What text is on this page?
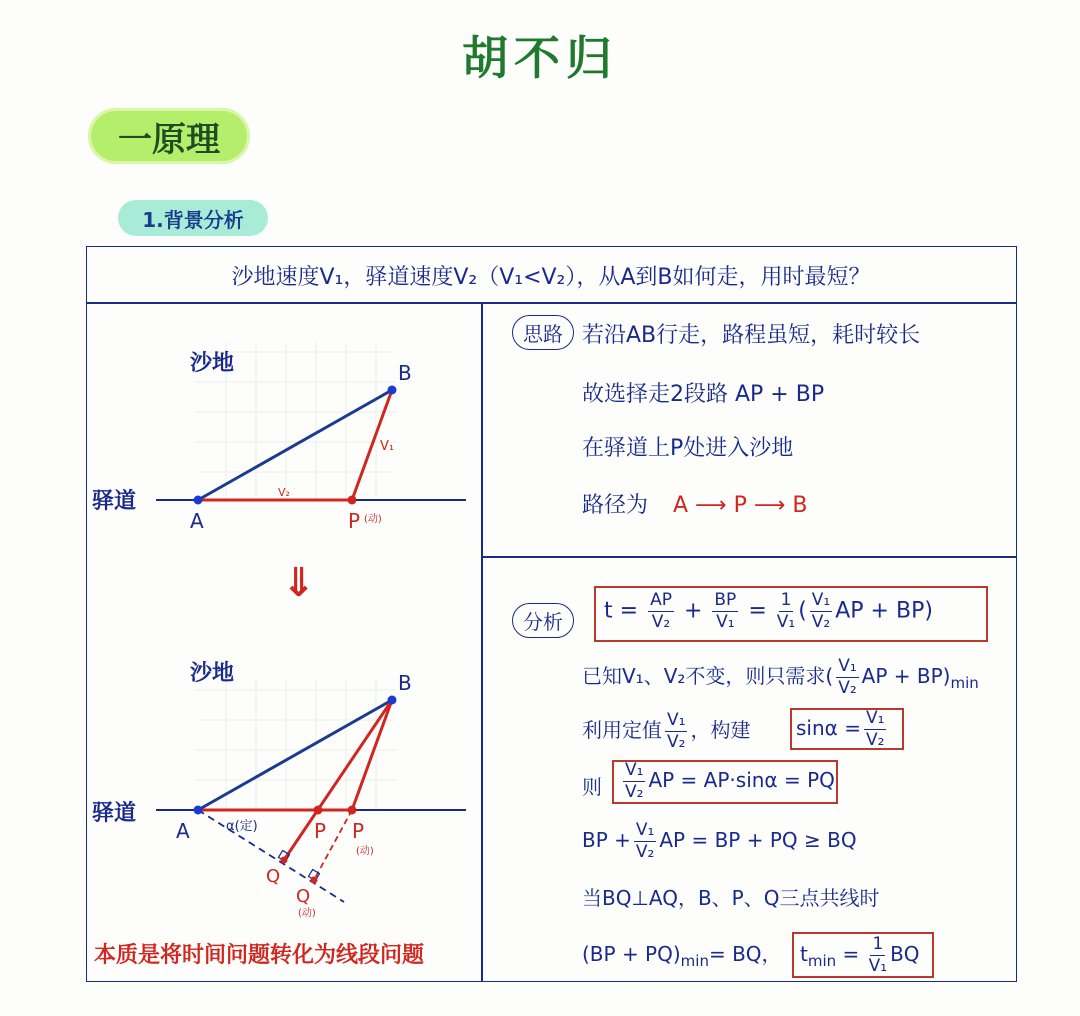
胡不归
一原理
1.背景分析
沙地速度V₁，驿道速度V₂（V₁<V₂），从A到B如何走，用时最短？
沙地
驿道
A
B
P (动)
V₁
V₂
⇓
沙地
驿道
A
B
α(定)	P P
(动)
Q
Q
(动)
本质是将时间问题转化为线段问题
思路 若沿AB行走，路程虽短，耗时较长
故选择走2段路 AP + BP
在驿道上P处进入沙地
路径为 A ⟶ P ⟶ B
分析	$t = \frac{AP}{\text{V₂}} + \frac{BP}{\text{V₁}} = \frac{1}{\text{V₁}}$ ( $\frac{\text{V₁}}{\text{V₂}}$ AP + BP)
已知V₁、V₂不变，则只需求( $\frac{\text{V₁}}{\text{V₂}}$ AP + $BP)_{min}$
利用定值 $\frac{\text{V₁}}{\text{V₂}}$ ，构建 $\sin\alpha = \frac{\text{V₁}}{\text{V₂}}$
则 $\frac{\text{V₁}}{\text{V₂}}$ AP = AP·sinα = PQ
BP + $\frac{\text{V₁}}{\text{V₂}}$ AP = BP + PQ ≥ BQ
当BQ⊥AQ，B、P、Q三点共线时
$(BP + PQ)_{min}=$ BQ， $t_{min} = \frac{1}{\text{V₁}}$ BQ
